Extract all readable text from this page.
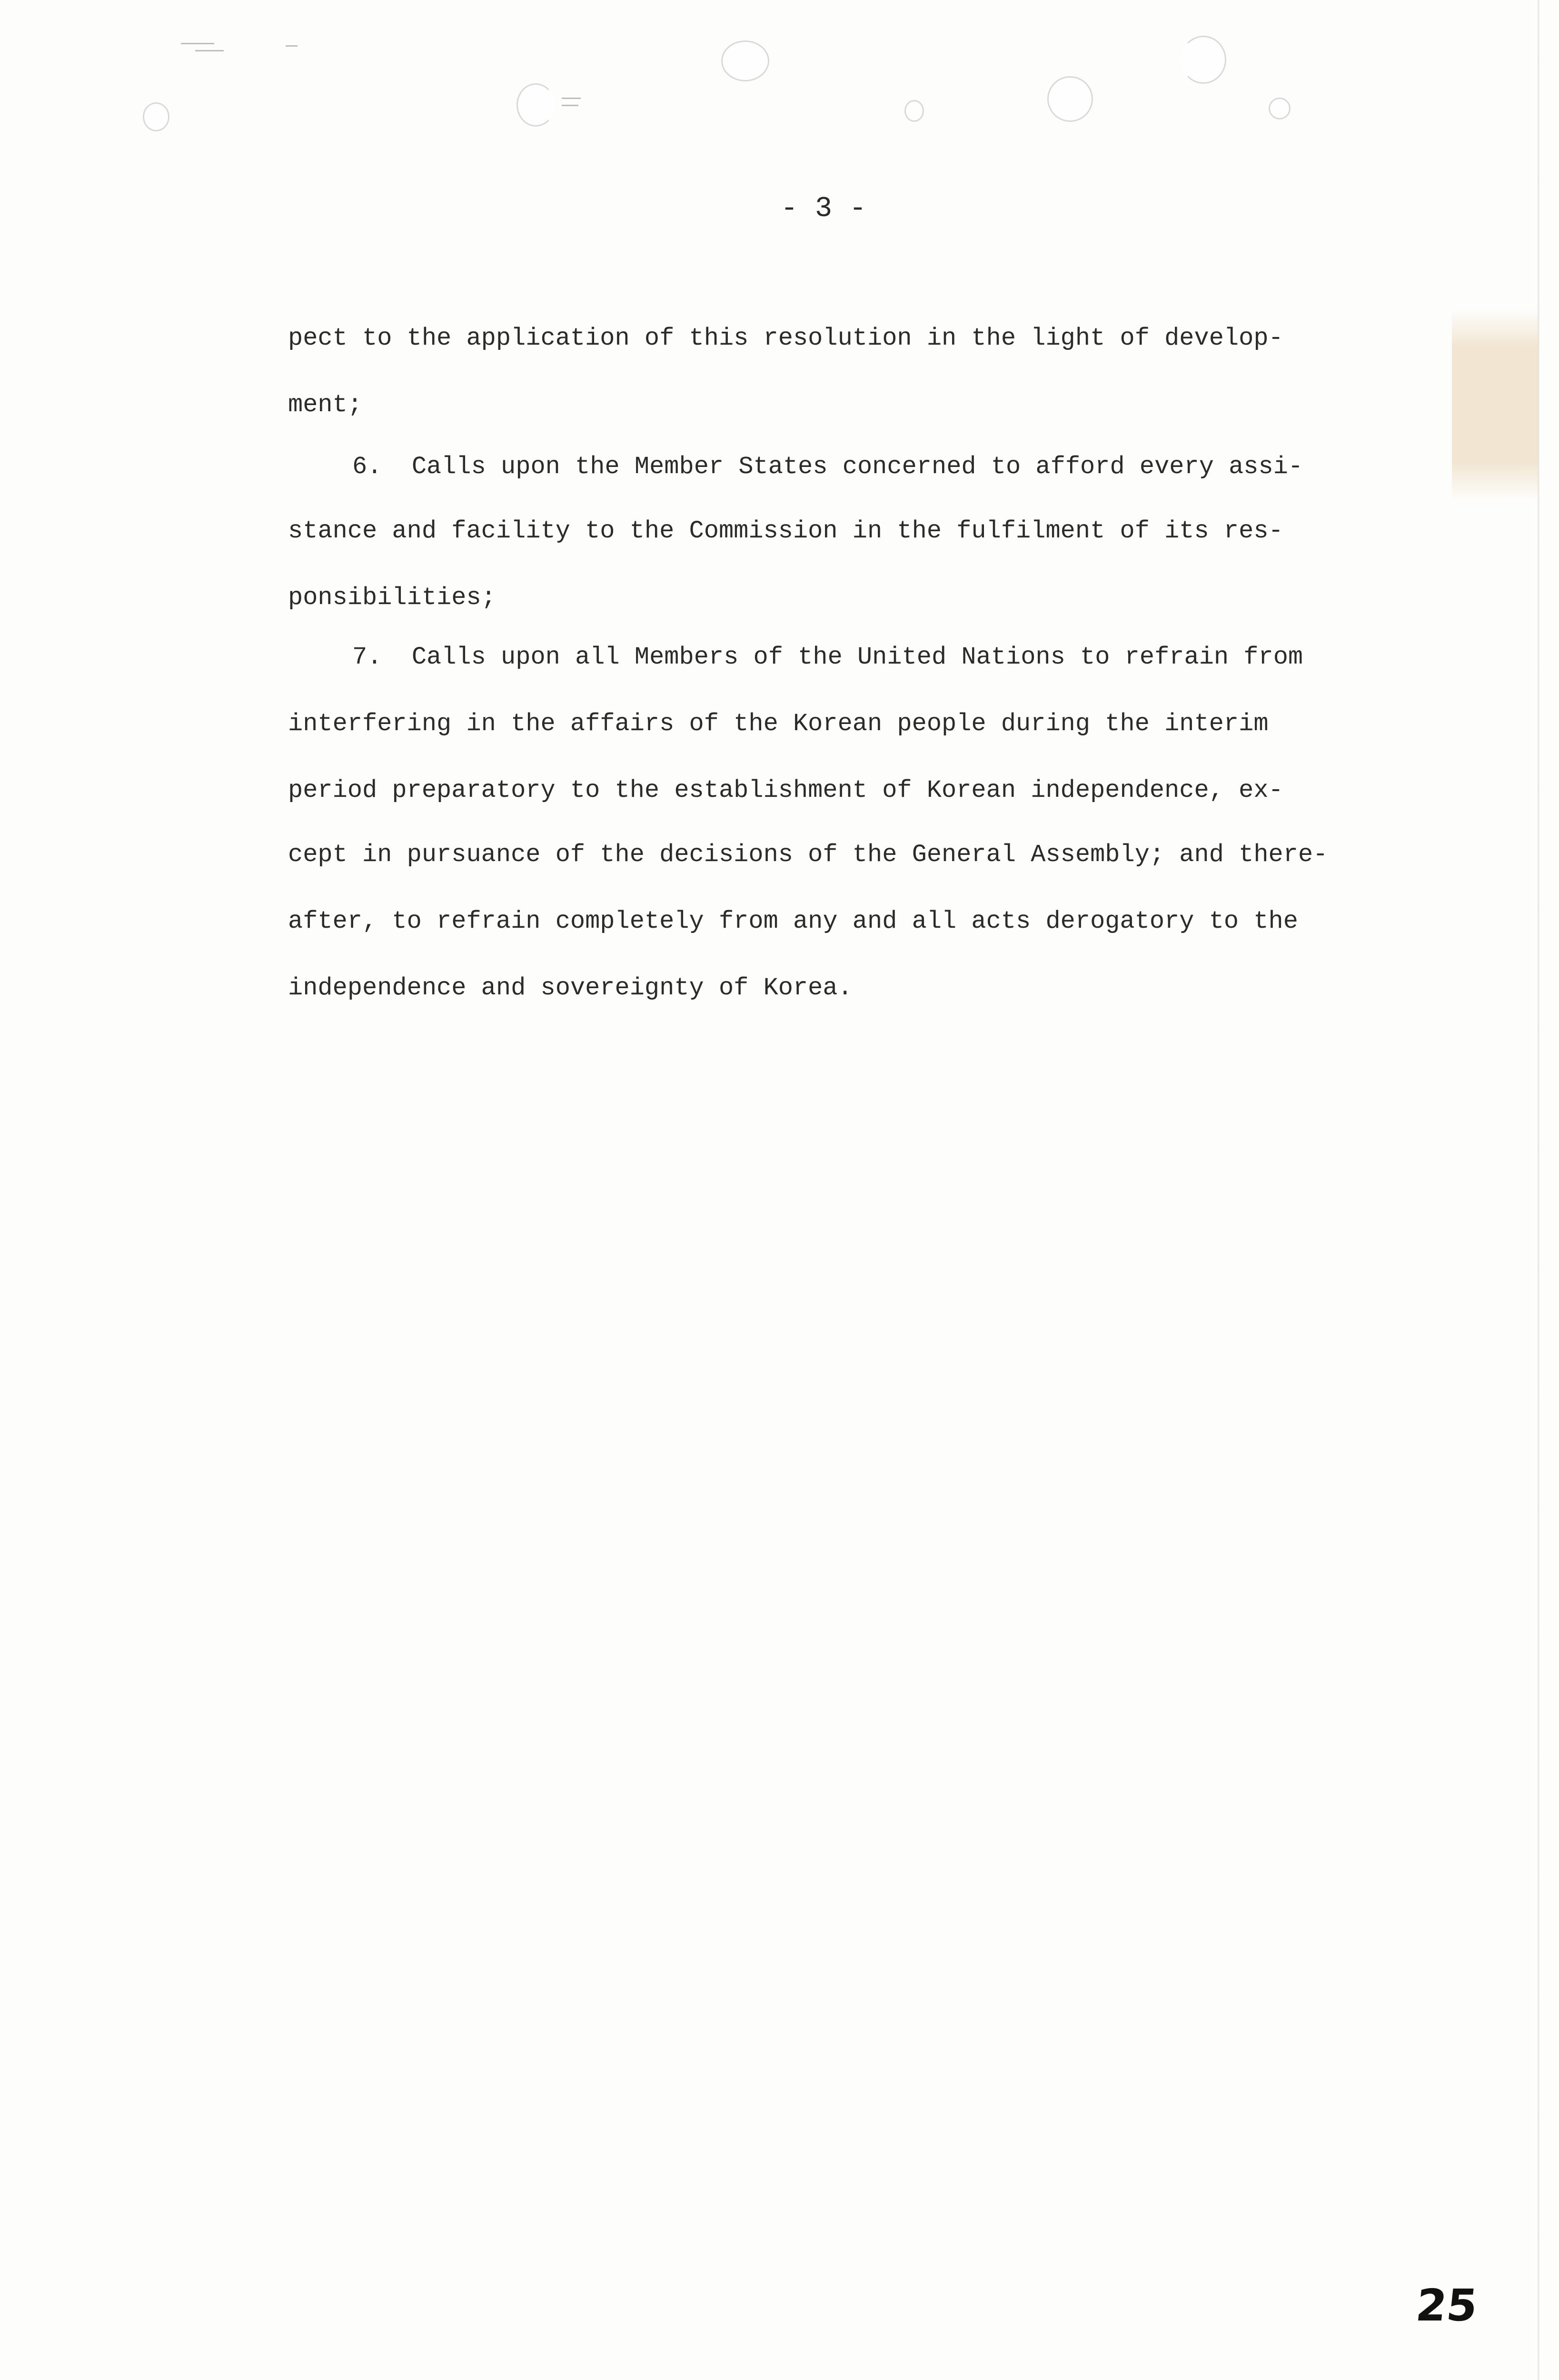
- 3 -
pect to the application of this resolution in the light of develop-
ment;
6.  Calls upon the Member States concerned to afford every assi-
stance and facility to the Commission in the fulfilment of its res-
ponsibilities;
7.  Calls upon all Members of the United Nations to refrain from
interfering in the affairs of the Korean people during the interim
period preparatory to the establishment of Korean independence, ex-
cept in pursuance of the decisions of the General Assembly; and there-
after, to refrain completely from any and all acts derogatory to the
independence and sovereignty of Korea.
25
